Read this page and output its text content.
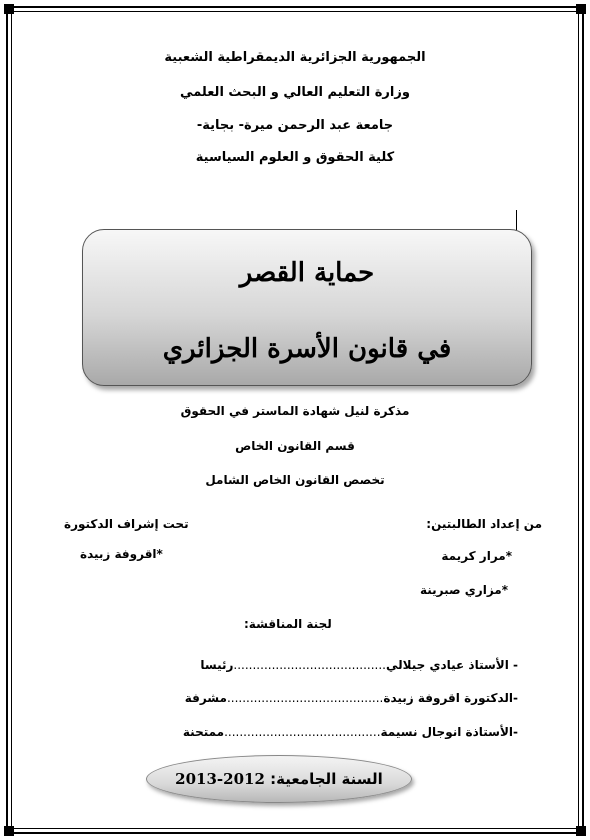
الجمهورية الجزائرية الديمقراطية الشعبية
وزارة التعليم العالي و البحث العلمي
جامعة عبد الرحمن ميرة- بجاية-
كلية الحقوق و العلوم السياسية
حماية القصر
في قانون الأسرة الجزائري
مذكرة لنيل شهادة الماستر في الحقوق
قسم القانون الخاص
تخصص القانون الخاص الشامل
من إعداد الطالبتين:
تحت إشراف الدكتورة
*مرار كريمة
*اقروفة زبيدة
*مزاري صبرينة
لجنة المناقشة:
- الأستاذ عيادي جيلالي........................................رئيسا
-الدكتورة اقروفة زبيدة.........................................مشرفة
-الأستاذة انوجال نسيمة.........................................ممتحنة
السنة الجامعية: 2012-2013
